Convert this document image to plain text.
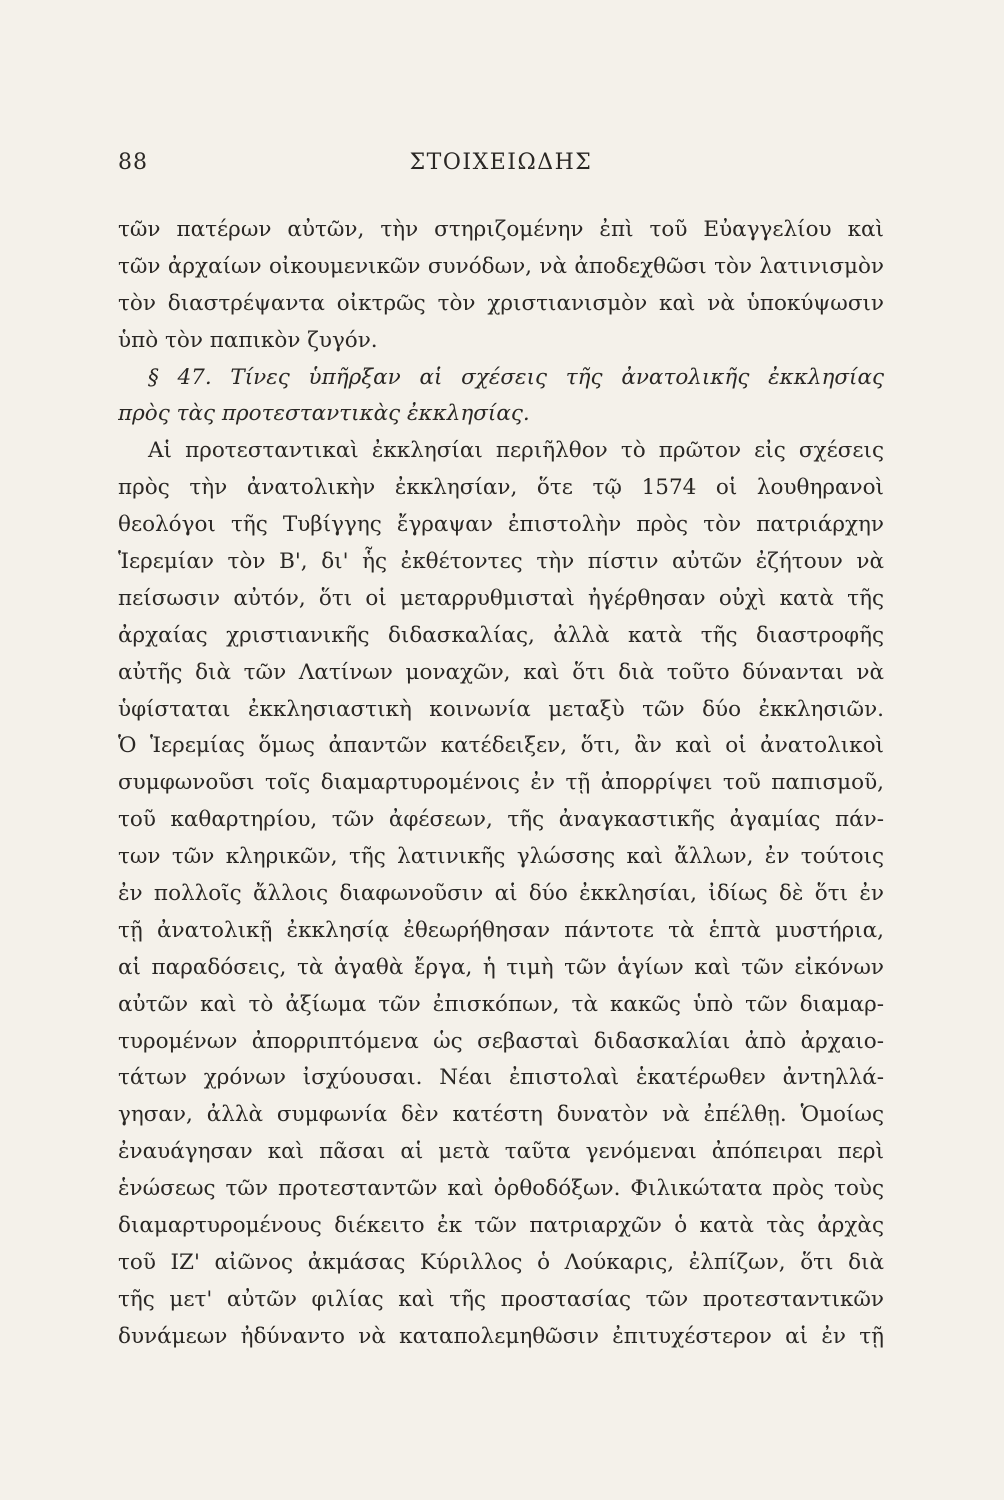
88	ΣΤΟΙΧΕΙΩΔΗΣ
τῶν πατέρων αὐτῶν, τὴν στηριζομένην ἐπὶ τοῦ Εὐαγγελίου καὶ
τῶν ἀρχαίων οἰκουμενικῶν συνόδων, νὰ ἀποδεχθῶσι τὸν λατινισμὸν
τὸν διαστρέψαντα οἰκτρῶς τὸν χριστιανισμὸν καὶ νὰ ὑποκύψωσιν
ὑπὸ τὸν παπικὸν ζυγόν.
§ 47. Τίνες ὑπῆρξαν αἱ σχέσεις τῆς ἀνατολικῆς ἐκκλησίας
πρὸς τὰς προτεσταντικὰς ἐκκλησίας.
Αἱ προτεσταντικαὶ ἐκκλησίαι περιῆλθον τὸ πρῶτον εἰς σχέσεις
πρὸς τὴν ἀνατολικὴν ἐκκλησίαν, ὅτε τῷ 1574 οἱ λουθηρανοὶ
θεολόγοι τῆς Τυβίγγης ἔγραψαν ἐπιστολὴν πρὸς τὸν πατριάρχην
Ἱερεμίαν τὸν Β', δι' ἧς ἐκθέτοντες τὴν πίστιν αὐτῶν ἐζήτουν νὰ
πείσωσιν αὐτόν, ὅτι οἱ μεταρρυθμισταὶ ἠγέρθησαν οὐχὶ κατὰ τῆς
ἀρχαίας χριστιανικῆς διδασκαλίας, ἀλλὰ κατὰ τῆς διαστροφῆς
αὐτῆς διὰ τῶν Λατίνων μοναχῶν, καὶ ὅτι διὰ τοῦτο δύνανται νὰ
ὑφίσταται ἐκκλησιαστικὴ κοινωνία μεταξὺ τῶν δύο ἐκκλησιῶν.
Ὁ Ἱερεμίας ὅμως ἀπαντῶν κατέδειξεν, ὅτι, ἂν καὶ οἱ ἀνατολικοὶ
συμφωνοῦσι τοῖς διαμαρτυρομένοις ἐν τῇ ἀπορρίψει τοῦ παπισμοῦ,
τοῦ καθαρτηρίου, τῶν ἀφέσεων, τῆς ἀναγκαστικῆς ἀγαμίας πάν-
των τῶν κληρικῶν, τῆς λατινικῆς γλώσσης καὶ ἄλλων, ἐν τούτοις
ἐν πολλοῖς ἄλλοις διαφωνοῦσιν αἱ δύο ἐκκλησίαι, ἰδίως δὲ ὅτι ἐν
τῇ ἀνατολικῇ ἐκκλησίᾳ ἐθεωρήθησαν πάντοτε τὰ ἑπτὰ μυστήρια,
αἱ παραδόσεις, τὰ ἀγαθὰ ἔργα, ἡ τιμὴ τῶν ἁγίων καὶ τῶν εἰκόνων
αὐτῶν καὶ τὸ ἀξίωμα τῶν ἐπισκόπων, τὰ κακῶς ὑπὸ τῶν διαμαρ-
τυρομένων ἀπορριπτόμενα ὡς σεβασταὶ διδασκαλίαι ἀπὸ ἀρχαιο-
τάτων χρόνων ἰσχύουσαι. Νέαι ἐπιστολαὶ ἑκατέρωθεν ἀντηλλά-
γησαν, ἀλλὰ συμφωνία δὲν κατέστη δυνατὸν νὰ ἐπέλθῃ. Ὁμοίως
ἐναυάγησαν καὶ πᾶσαι αἱ μετὰ ταῦτα γενόμεναι ἀπόπειραι περὶ
ἑνώσεως τῶν προτεσταντῶν καὶ ὀρθοδόξων. Φιλικώτατα πρὸς τοὺς
διαμαρτυρομένους διέκειτο ἐκ τῶν πατριαρχῶν ὁ κατὰ τὰς ἀρχὰς
τοῦ ΙΖ' αἰῶνος ἀκμάσας Κύριλλος ὁ Λούκαρις, ἐλπίζων, ὅτι διὰ
τῆς μετ' αὐτῶν φιλίας καὶ τῆς προστασίας τῶν προτεσταντικῶν
δυνάμεων ἠδύναντο νὰ καταπολεμηθῶσιν ἐπιτυχέστερον αἱ ἐν τῇ
